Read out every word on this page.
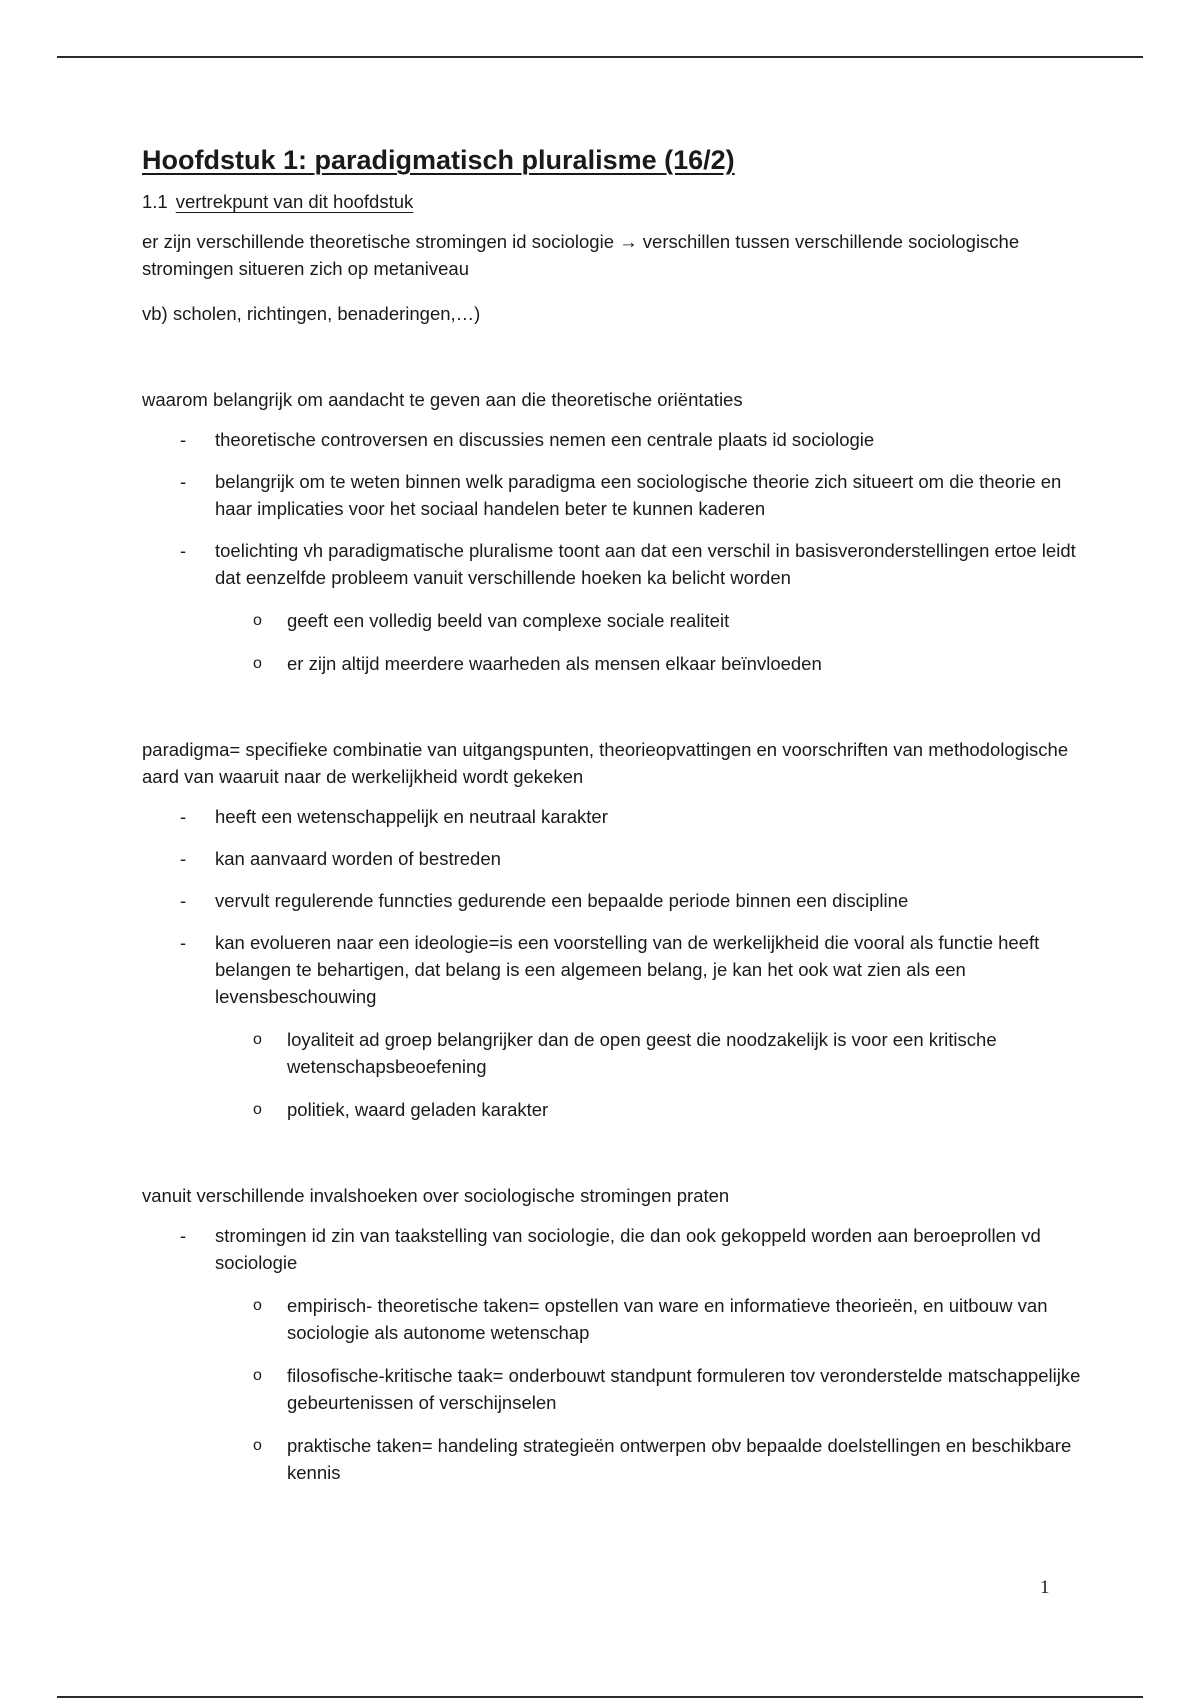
Hoofdstuk 1: paradigmatisch pluralisme (16/2)
1.1 vertrekpunt van dit hoofdstuk

er zijn verschillende theoretische stromingen id sociologie → verschillen tussen verschillende sociologische stromingen situeren zich op metaniveau

vb) scholen, richtingen, benaderingen,…)

waarom belangrijk om aandacht te geven aan die theoretische oriëntaties

- theoretische controversen en discussies nemen een centrale plaats id sociologie
- belangrijk om te weten binnen welk paradigma een sociologische theorie zich situeert om die theorie en haar implicaties voor het sociaal handelen beter te kunnen kaderen
- toelichting vh paradigmatische pluralisme toont aan dat een verschil in basisveronderstellingen ertoe leidt dat eenzelfde probleem vanuit verschillende hoeken ka belicht worden
o geeft een volledig beeld van complexe sociale realiteit
o er zijn altijd meerdere waarheden als mensen elkaar beïnvloeden

paradigma= specifieke combinatie van uitgangspunten, theorieopvattingen en voorschriften van methodologische aard van waaruit naar de werkelijkheid wordt gekeken

- heeft een wetenschappelijk en neutraal karakter
- kan aanvaard worden of bestreden
- vervult regulerende funncties gedurende een bepaalde periode binnen een discipline
- kan evolueren naar een ideologie=is een voorstelling van de werkelijkheid die vooral als functie heeft belangen te behartigen, dat belang is een algemeen belang, je kan het ook wat zien als een levensbeschouwing
o loyaliteit ad groep belangrijker dan de open geest die noodzakelijk is voor een kritische wetenschapsbeoefening
o politiek, waard geladen karakter

vanuit verschillende invalshoeken over sociologische stromingen praten

- stromingen id zin van taakstelling van sociologie, die dan ook gekoppeld worden aan beroeprollen vd sociologie
o empirisch- theoretische taken= opstellen van ware en informatieve theorieën, en uitbouw van sociologie als autonome wetenschap
o filosofische-kritische taak= onderbouwt standpunt formuleren tov veronderstelde matschappelijke gebeurtenissen of verschijnselen
o praktische taken= handeling strategieën ontwerpen obv bepaalde doelstellingen en beschikbare kennis
1
